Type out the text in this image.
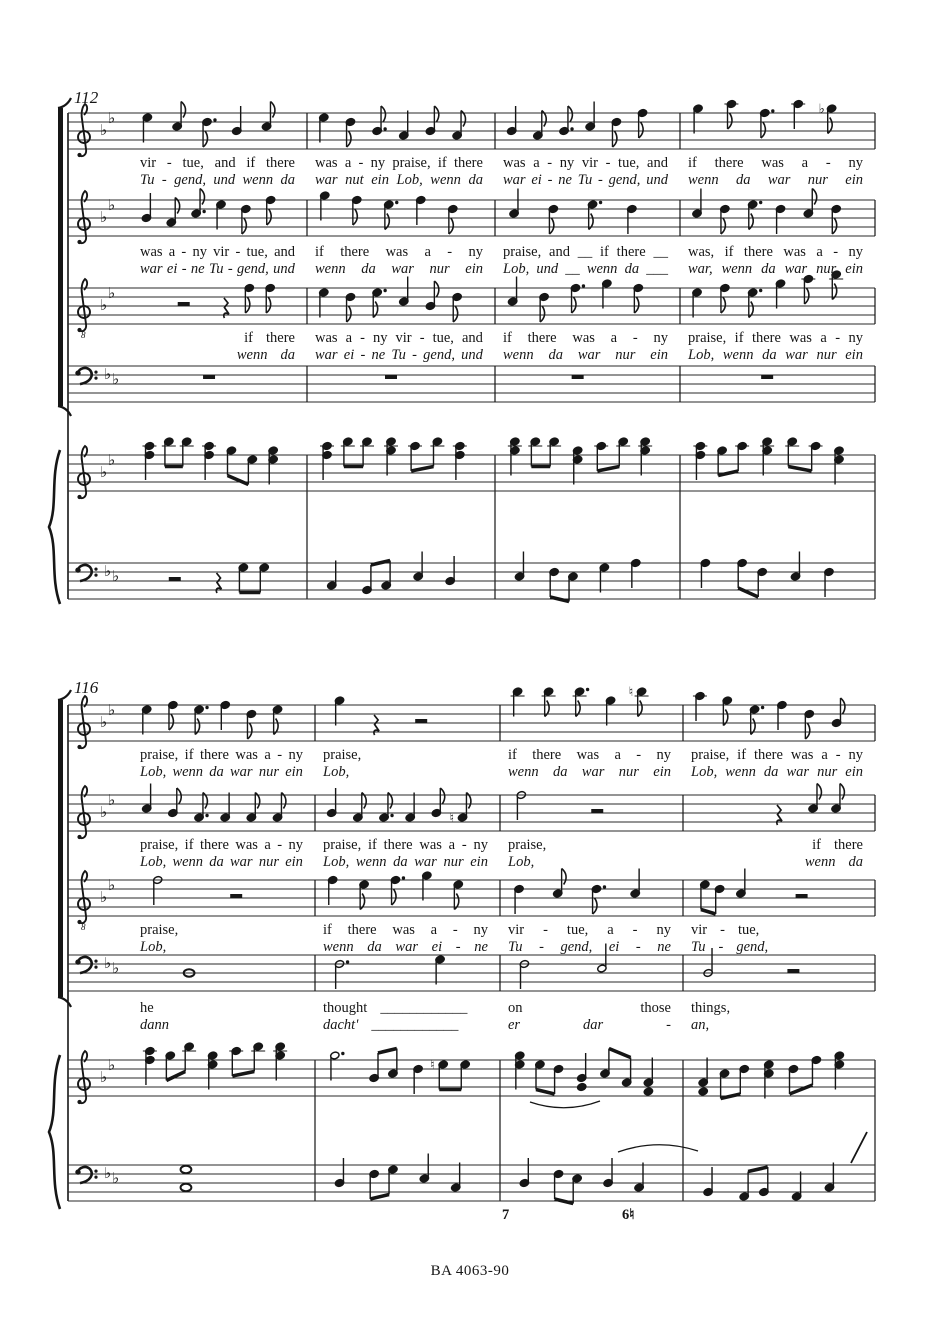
♭
♭	♭
♭
♭
8
♭
♭
♭ ♭
♭
♭
♭ ♭
♭
♭
♮
♭
♭
♮
8
♭
♭
♭ ♭
♭
♭	♮
♭ ♭
112
116
vir - tue, and if there was a - ny praise, if there was a - ny vir - tue, and if there was a - ny
Tu - gend, und wenn da war nut ein Lob, wenn da war ei - ne Tu - gend, und wenn da war nur ein
was a - ny vir - tue, and if there was a - ny praise, and __ if there __ was, if there was a - ny
war ei - ne Tu - gend, und wenn da war nur ein Lob, und __ wenn da ___ war, wenn da war nur ein
if there was a - ny vir - tue, and if there was a - ny praise, if there was a - ny
wenn da war ei - ne Tu - gend, und wenn da war nur ein Lob, wenn da war nur ein
praise, if there was a - ny praise,	if there was a - ny praise, if there was a - ny
Lob, wenn da war nur ein Lob,	wenn da war nur ein Lob, wenn da war nur ein
praise, if there was a - ny praise, if there was a - ny praise,	if there
Lob, wenn da war nur ein Lob, wenn da war nur ein Lob,	wenn da
praise,	if there was a - ny vir - tue, a - ny vir - tue,
Lob,	wenn da war ei - ne Tu - gend, ei - ne Tu - gend,
he	thought ____________	on	those things,
dann	dacht' ____________	er	dar	- an,
7	6♮
BA 4063-90
